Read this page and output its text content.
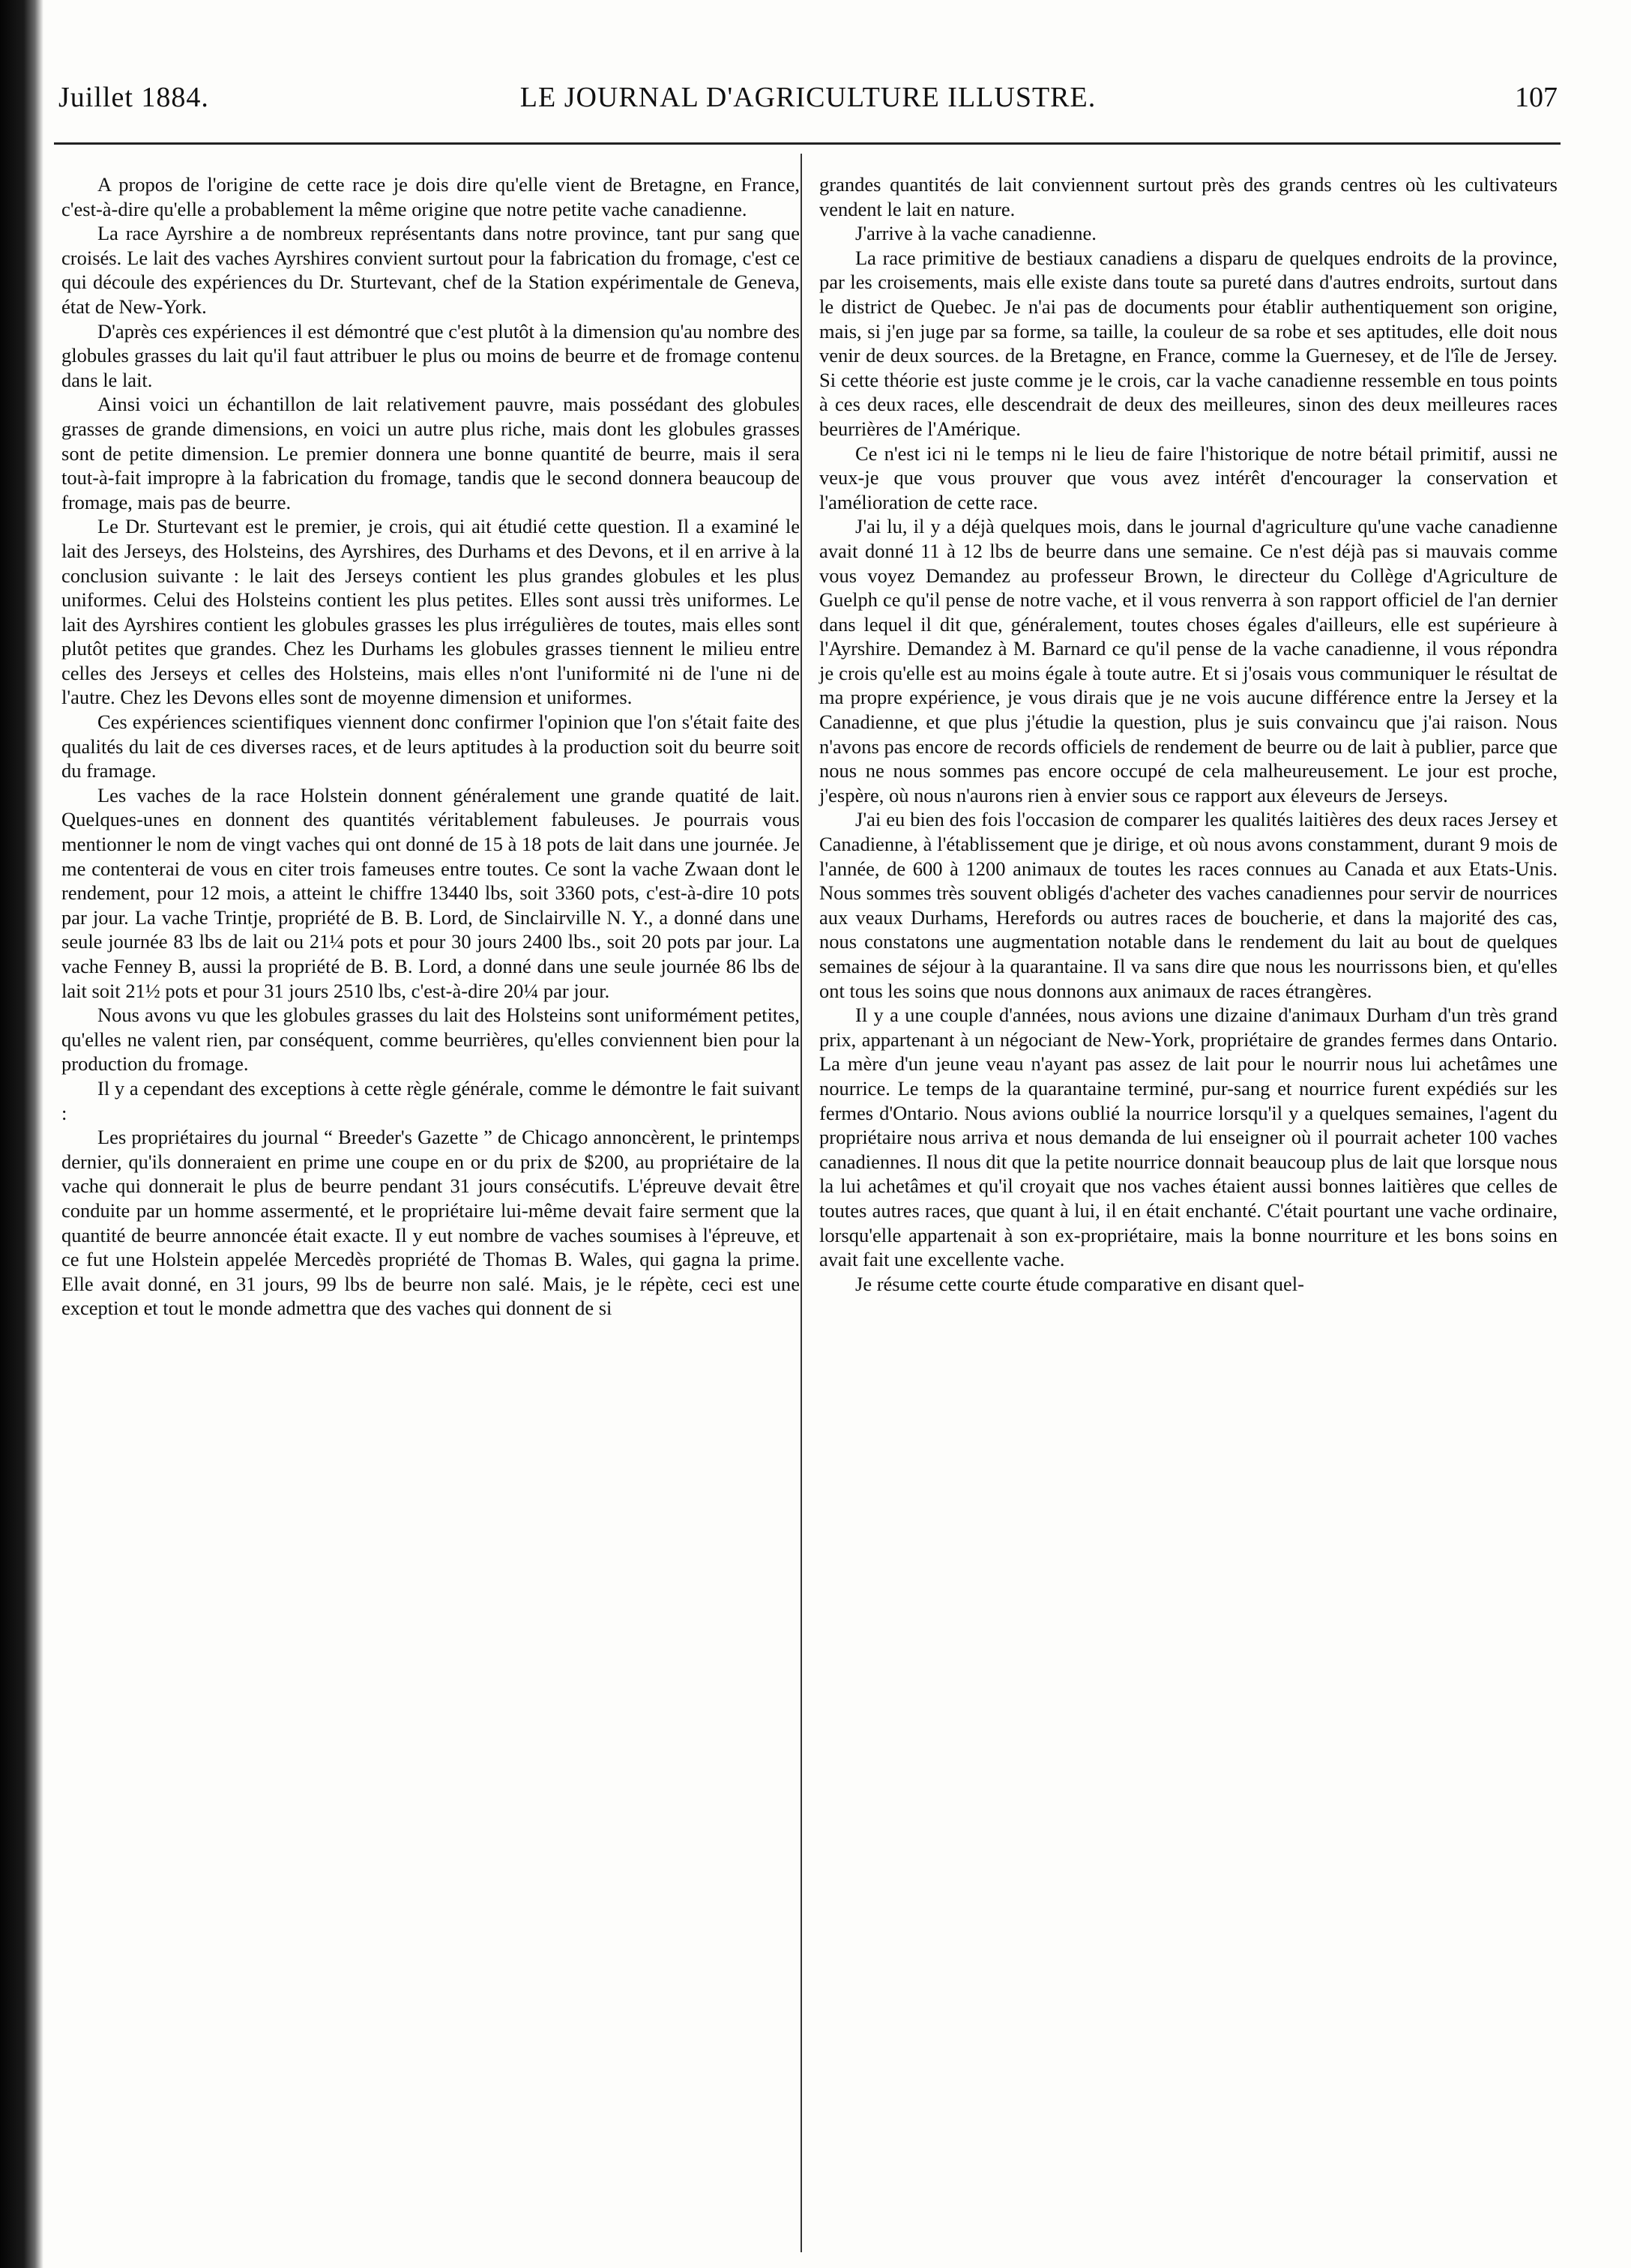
Juillet 1884.	LE JOURNAL D'AGRICULTURE ILLUSTRE.	107

A propos de l'origine de cette race je dois dire qu'elle vient de Bretagne, en France, c'est-à-dire qu'elle a probablement la même origine que notre petite vache canadienne.

La race Ayrshire a de nombreux représentants dans notre province, tant pur sang que croisés. Le lait des vaches Ayrshires convient surtout pour la fabrication du fromage, c'est ce qui découle des expériences du Dr. Sturtevant, chef de la Station expérimentale de Geneva, état de New-York.

D'après ces expériences il est démontré que c'est plutôt à la dimension qu'au nombre des globules grasses du lait qu'il faut attribuer le plus ou moins de beurre et de fromage contenu dans le lait.

Ainsi voici un échantillon de lait relativement pauvre, mais possédant des globules grasses de grande dimensions, en voici un autre plus riche, mais dont les globules grasses sont de petite dimension. Le premier donnera une bonne quantité de beurre, mais il sera tout-à-fait impropre à la fabrication du fromage, tandis que le second donnera beaucoup de fromage, mais pas de beurre.

Le Dr. Sturtevant est le premier, je crois, qui ait étudié cette question. Il a examiné le lait des Jerseys, des Holsteins, des Ayrshires, des Durhams et des Devons, et il en arrive à la conclusion suivante : le lait des Jerseys contient les plus grandes globules et les plus uniformes. Celui des Holsteins contient les plus petites. Elles sont aussi très uniformes. Le lait des Ayrshires contient les globules grasses les plus irrégulières de toutes, mais elles sont plutôt petites que grandes. Chez les Durhams les globules grasses tiennent le milieu entre celles des Jerseys et celles des Holsteins, mais elles n'ont l'uniformité ni de l'une ni de l'autre. Chez les Devons elles sont de moyenne dimension et uniformes.

Ces expériences scientifiques viennent donc confirmer l'opinion que l'on s'était faite des qualités du lait de ces diverses races, et de leurs aptitudes à la production soit du beurre soit du framage.

Les vaches de la race Holstein donnent généralement une grande quatité de lait. Quelques-unes en donnent des quantités véritablement fabuleuses. Je pourrais vous mentionner le nom de vingt vaches qui ont donné de 15 à 18 pots de lait dans une journée. Je me contenterai de vous en citer trois fameuses entre toutes. Ce sont la vache Zwaan dont le rendement, pour 12 mois, a atteint le chiffre 13440 lbs, soit 3360 pots, c'est-à-dire 10 pots par jour. La vache Trintje, propriété de B. B. Lord, de Sinclairville N. Y., a donné dans une seule journée 83 lbs de lait ou 21¼ pots et pour 30 jours 2400 lbs., soit 20 pots par jour. La vache Fenney B, aussi la propriété de B. B. Lord, a donné dans une seule journée 86 lbs de lait soit 21½ pots et pour 31 jours 2510 lbs, c'est-à-dire 20¼ par jour.

Nous avons vu que les globules grasses du lait des Holsteins sont uniformément petites, qu'elles ne valent rien, par conséquent, comme beurrières, qu'elles conviennent bien pour la production du fromage.

Il y a cependant des exceptions à cette règle générale, comme le démontre le fait suivant :

Les propriétaires du journal “ Breeder's Gazette ” de Chicago annoncèrent, le printemps dernier, qu'ils donneraient en prime une coupe en or du prix de $200, au propriétaire de la vache qui donnerait le plus de beurre pendant 31 jours consécutifs. L'épreuve devait être conduite par un homme assermenté, et le propriétaire lui-même devait faire serment que la quantité de beurre annoncée était exacte. Il y eut nombre de vaches soumises à l'épreuve, et ce fut une Holstein appelée Mercedès propriété de Thomas B. Wales, qui gagna la prime. Elle avait donné, en 31 jours, 99 lbs de beurre non salé. Mais, je le répète, ceci est une exception et tout le monde admettra que des vaches qui donnent de si

grandes quantités de lait conviennent surtout près des grands centres où les cultivateurs vendent le lait en nature.

J'arrive à la vache canadienne.

La race primitive de bestiaux canadiens a disparu de quelques endroits de la province, par les croisements, mais elle existe dans toute sa pureté dans d'autres endroits, surtout dans le district de Quebec. Je n'ai pas de documents pour établir authentiquement son origine, mais, si j'en juge par sa forme, sa taille, la couleur de sa robe et ses aptitudes, elle doit nous venir de deux sources. de la Bretagne, en France, comme la Guernesey, et de l'île de Jersey. Si cette théorie est juste comme je le crois, car la vache canadienne ressemble en tous points à ces deux races, elle descendrait de deux des meilleures, sinon des deux meilleures races beurrières de l'Amérique.

Ce n'est ici ni le temps ni le lieu de faire l'historique de notre bétail primitif, aussi ne veux-je que vous prouver que vous avez intérêt d'encourager la conservation et l'amélioration de cette race.

J'ai lu, il y a déjà quelques mois, dans le journal d'agriculture qu'une vache canadienne avait donné 11 à 12 lbs de beurre dans une semaine. Ce n'est déjà pas si mauvais comme vous voyez Demandez au professeur Brown, le directeur du Collège d'Agriculture de Guelph ce qu'il pense de notre vache, et il vous renverra à son rapport officiel de l'an dernier dans lequel il dit que, généralement, toutes choses égales d'ailleurs, elle est supérieure à l'Ayrshire. Demandez à M. Barnard ce qu'il pense de la vache canadienne, il vous répondra je crois qu'elle est au moins égale à toute autre. Et si j'osais vous communiquer le résultat de ma propre expérience, je vous dirais que je ne vois aucune différence entre la Jersey et la Canadienne, et que plus j'étudie la question, plus je suis convaincu que j'ai raison. Nous n'avons pas encore de records officiels de rendement de beurre ou de lait à publier, parce que nous ne nous sommes pas encore occupé de cela malheureusement. Le jour est proche, j'espère, où nous n'aurons rien à envier sous ce rapport aux éleveurs de Jerseys.

J'ai eu bien des fois l'occasion de comparer les qualités laitières des deux races Jersey et Canadienne, à l'établissement que je dirige, et où nous avons constamment, durant 9 mois de l'année, de 600 à 1200 animaux de toutes les races connues au Canada et aux Etats-Unis. Nous sommes très souvent obligés d'acheter des vaches canadiennes pour servir de nourrices aux veaux Durhams, Herefords ou autres races de boucherie, et dans la majorité des cas, nous constatons une augmentation notable dans le rendement du lait au bout de quelques semaines de séjour à la quarantaine. Il va sans dire que nous les nourrissons bien, et qu'elles ont tous les soins que nous donnons aux animaux de races étrangères.

Il y a une couple d'années, nous avions une dizaine d'animaux Durham d'un très grand prix, appartenant à un négociant de New-York, propriétaire de grandes fermes dans Ontario. La mère d'un jeune veau n'ayant pas assez de lait pour le nourrir nous lui achetâmes une nourrice. Le temps de la quarantaine terminé, pur-sang et nourrice furent expédiés sur les fermes d'Ontario. Nous avions oublié la nourrice lorsqu'il y a quelques semaines, l'agent du propriétaire nous arriva et nous demanda de lui enseigner où il pourrait acheter 100 vaches canadiennes. Il nous dit que la petite nourrice donnait beaucoup plus de lait que lorsque nous la lui achetâmes et qu'il croyait que nos vaches étaient aussi bonnes laitières que celles de toutes autres races, que quant à lui, il en était enchanté. C'était pourtant une vache ordinaire, lorsqu'elle appartenait à son ex-propriétaire, mais la bonne nourriture et les bons soins en avait fait une excellente vache.

Je résume cette courte étude comparative en disant quel-
